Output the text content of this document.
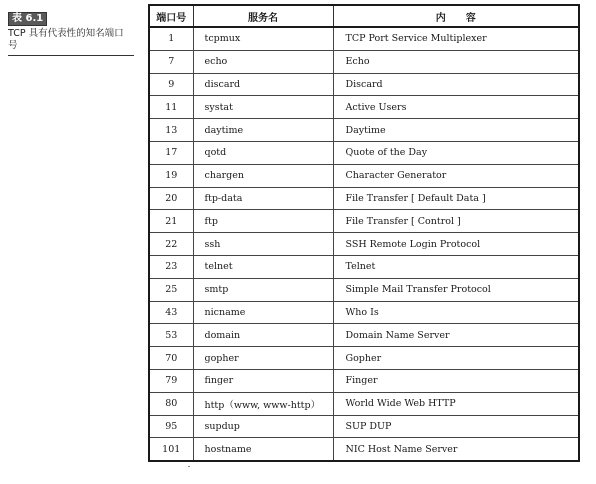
表 6.1
TCP 具有代表性的知名端口号
端口号	服务名	内　　容
1	tcpmux	TCP Port Service Multiplexer
7	echo	Echo
9	discard	Discard
11	systat	Active Users
13	daytime	Daytime
17	qotd	Quote of the Day
19	chargen	Character Generator
20	ftp-data	File Transfer [ Default Data ]
21	ftp	File Transfer [ Control ]
22	ssh	SSH Remote Login Protocol
23	telnet	Telnet
25	smtp	Simple Mail Transfer Protocol
43	nicname	Who Is
53	domain	Domain Name Server
70	gopher	Gopher
79	finger	Finger
80	http（www, www-http）	World Wide Web HTTP
95	supdup	SUP DUP
101	hostname	NIC Host Name Server
